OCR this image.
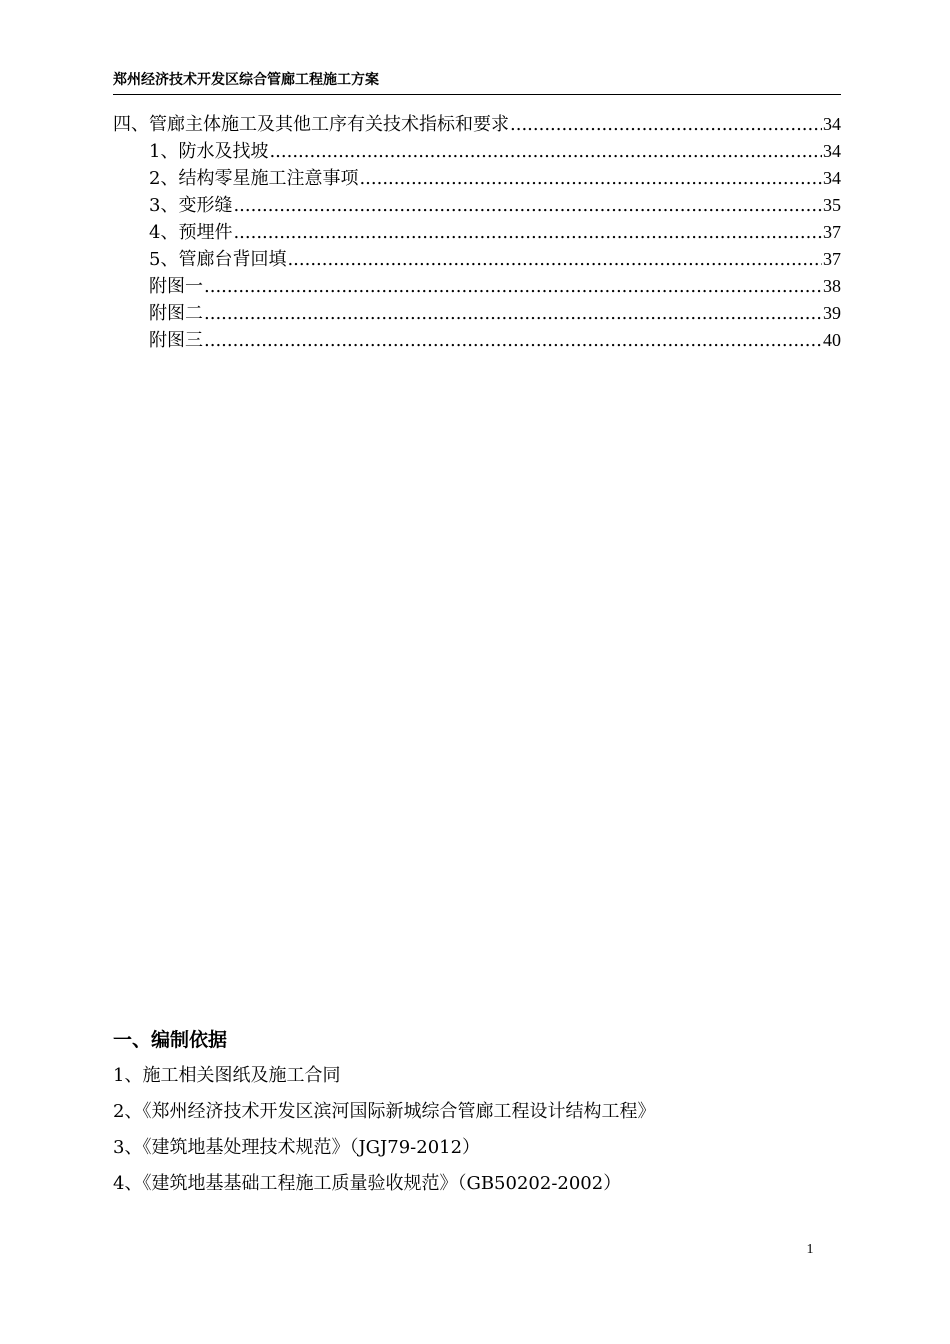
郑州经济技术开发区综合管廊工程施工方案
四、管廊主体施工及其他工序有关技术指标和要求 .....	34
1、防水及找坡 .....	34
2、结构零星施工注意事项 .....	34
3、变形缝 .....	35
4、预埋件 .....	37
5、管廊台背回填 .....	37
附图一 .....	38
附图二 .....	39
附图三 .....	40
一、编制依据
1、施工相关图纸及施工合同
2、《郑州经济技术开发区滨河国际新城综合管廊工程设计结构工程》
3、《建筑地基处理技术规范》（JGJ79-2012）
4、《建筑地基基础工程施工质量验收规范》（GB50202-2002）
1
